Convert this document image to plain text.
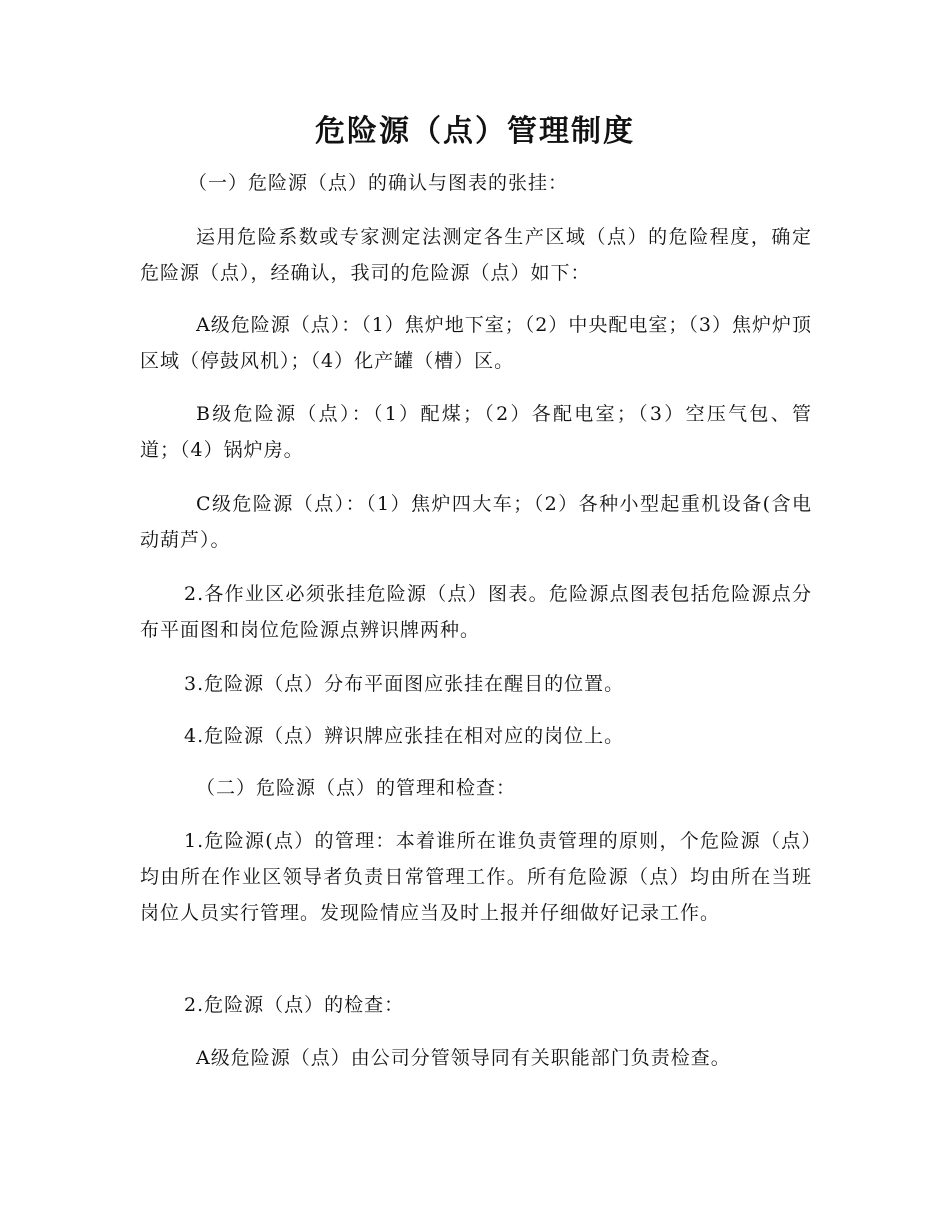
危险源（点）管理制度

（一）危险源（点）的确认与图表的张挂：

运用危险系数或专家测定法测定各生产区域（点）的危险程度，确定危险源（点），经确认，我司的危险源（点）如下：

A级危险源（点）：（1）焦炉地下室；（2）中央配电室；（3）焦炉炉顶区域（停鼓风机）；（4）化产罐（槽）区。

B级危险源（点）：（1）配煤；（2）各配电室；（3）空压气包、管道；（4）锅炉房。

C级危险源（点）：（1）焦炉四大车；（2）各种小型起重机设备(含电动葫芦）。

2.各作业区必须张挂危险源（点）图表。危险源点图表包括危险源点分布平面图和岗位危险源点辨识牌两种。

3.危险源（点）分布平面图应张挂在醒目的位置。

4.危险源（点）辨识牌应张挂在相对应的岗位上。

（二）危险源（点）的管理和检查：

1.危险源(点）的管理：本着谁所在谁负责管理的原则，个危险源（点）均由所在作业区领导者负责日常管理工作。所有危险源（点）均由所在当班岗位人员实行管理。发现险情应当及时上报并仔细做好记录工作。

2.危险源（点）的检查：

A级危险源（点）由公司分管领导同有关职能部门负责检查。
